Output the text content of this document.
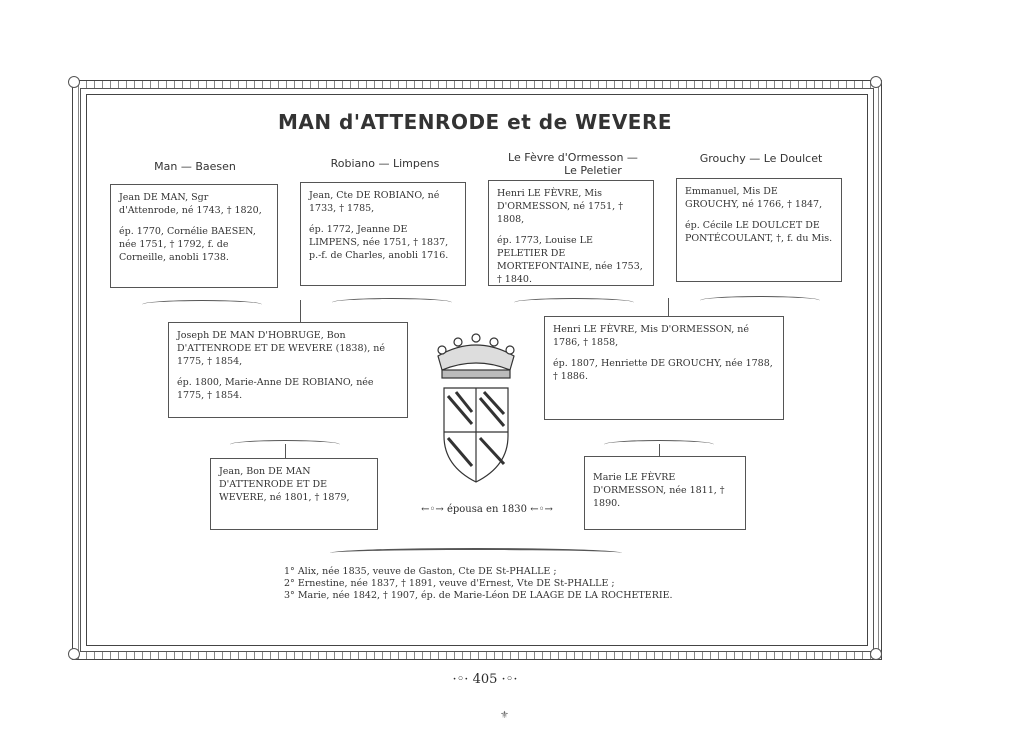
MAN d'ATTENRODE et de WEVERE
Man — Baesen	Robiano — Limpens	Le Fèvre d'Ormesson —
Le Peletier
Grouchy — Le Doulcet

Jean DE MAN, Sgr d'Attenrode, né 1743, † 1820,

ép. 1770, Cornélie BAESEN, née 1751, † 1792, f. de Corneille, anobli 1738.

Jean, Cte DE ROBIANO, né 1733, † 1785,

ép. 1772, Jeanne DE LIMPENS, née 1751, † 1837, p.-f. de Charles, anobli 1716.

Henri LE FÈVRE, Mis D'ORMESSON, né 1751, † 1808,

ép. 1773, Louise LE PELETIER DE MORTEFONTAINE, née 1753, † 1840.

Emmanuel, Mis DE GROUCHY, né 1766, † 1847,

ép. Cécile LE DOULCET DE PONTÉCOULANT, †, f. du Mis.

Joseph DE MAN D'HOBRUGE, Bon D'ATTENRODE ET DE WEVERE (1838), né 1775, † 1854,

ép. 1800, Marie-Anne DE ROBIANO, née 1775, † 1854.

Henri LE FÈVRE, Mis D'ORMESSON, né 1786, † 1858,

ép. 1807, Henriette DE GROUCHY, née 1788, † 1886.

Jean, Bon DE MAN D'ATTENRODE ET DE WEVERE, né 1801, † 1879,

Marie LE FÈVRE D'ORMESSON, née 1811, † 1890.

←◦→ épousa en 1830 ←◦→
1° Alix, née 1835, veuve de Gaston, Cte DE St-PHALLE ;
2° Ernestine, née 1837, † 1891, veuve d'Ernest, Vte DE St-PHALLE ;
3° Marie, née 1842, † 1907, ép. de Marie-Léon DE LAAGE DE LA ROCHETERIE.
·◦· 405 ·◦·
⚜
